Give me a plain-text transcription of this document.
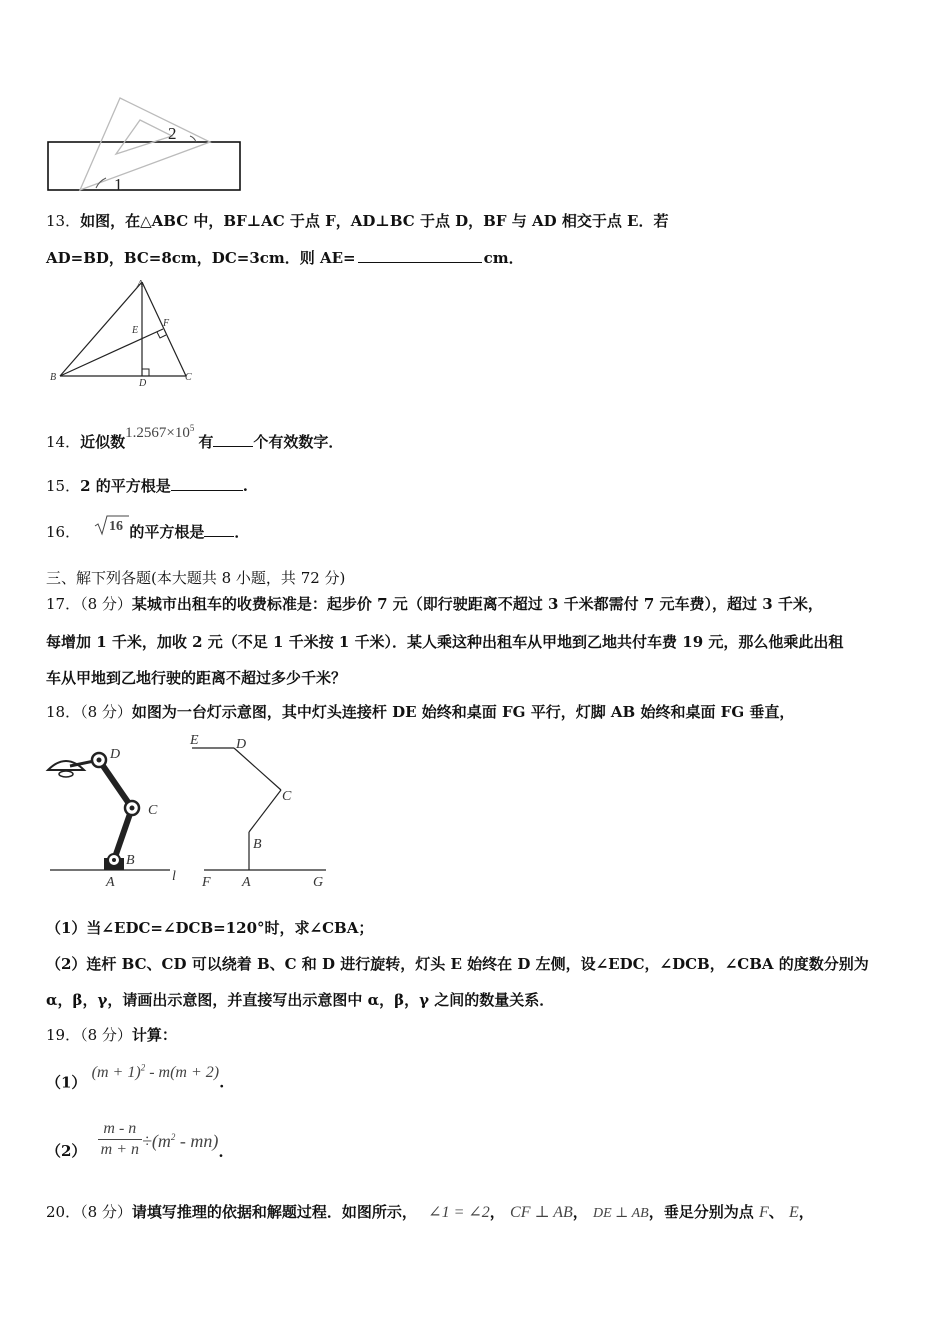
1
2
13．如图，在△ABC 中，BF⊥AC 于点 F，AD⊥BC 于点 D，BF 与 AD 相交于点 E．若
AD=BD，BC=8cm，DC=3cm．则 AE=	cm．
A
B	C
D
E
F
14．近似数$1.2567\times 10^5$有	个有效数字．
15．2 的平方根是	.
16． 16 的平方根是 ．
三、解下列各题(本大题共 8 小题，共 72 分)
17．（8 分）某城市出租车的收费标准是：起步价 7 元（即行驶距离不超过 3 千米都需付 7 元车费），超过 3 千米，
每增加 1 千米，加收 2 元（不足 1 千米按 1 千米）．某人乘这种出租车从甲地到乙地共付车费 19 元，那么他乘此出租
车从甲地到乙地行驶的距离不超过多少千米？
18．（8 分）如图为一台灯示意图，其中灯头连接杆 DE 始终和桌面 FG 平行，灯脚 AB 始终和桌面 FG 垂直，
D
C
B
A	l
E	D
C
B
F A	G
（1）当∠EDC=∠DCB=120°时，求∠CBA；
（2）连杆 BC、CD 可以绕着 B、C 和 D 进行旋转，灯头 E 始终在 D 左侧，设∠EDC，∠DCB，∠CBA 的度数分别为
α，β，γ，请画出示意图，并直接写出示意图中 α，β，γ 之间的数量关系．
19．（8 分）计算：
（1） $(m + 1)^2 - m(m + 2)$.
$(2) \frac{m - n}{m + n} \div(m^2 - mn)$.
20．（8 分）请填写推理的依据和解题过程．如图所示， ∠1 = ∠2， CF ⊥ AB， DE ⊥ AB，垂足分别为点 F、 E，
